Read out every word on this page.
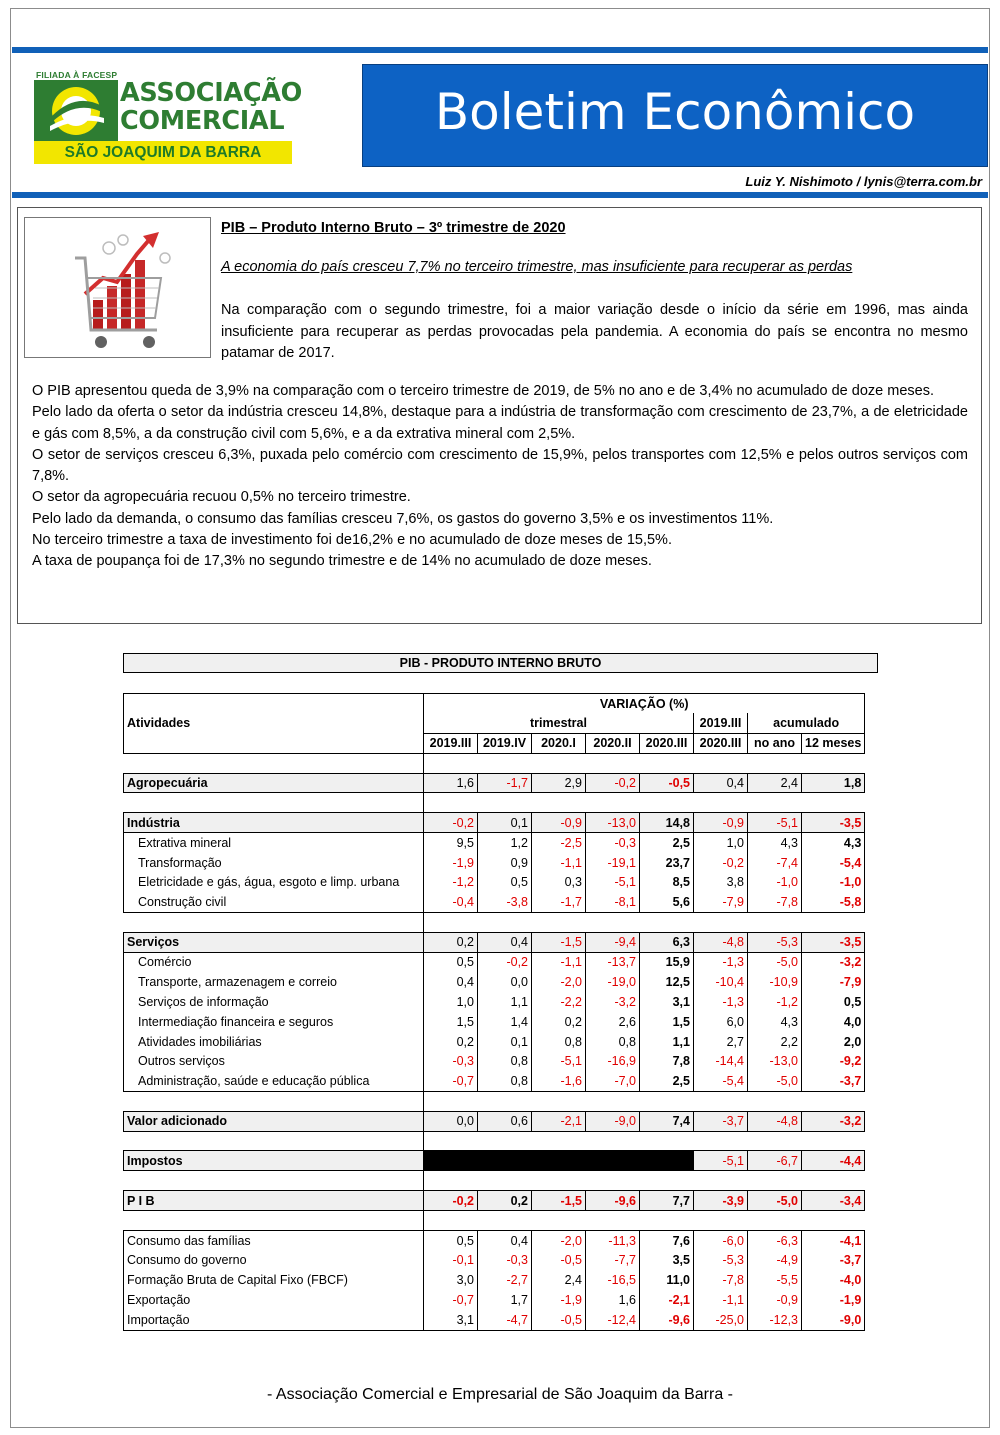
FILIADA À FACESP
ASSOCIAÇÃO
COMERCIAL
SÃO JOAQUIM DA BARRA
Boletim Econômico
Luiz Y. Nishimoto / lynis@terra.com.br
PIB – Produto Interno Bruto – 3º trimestre de 2020
A economia do país cresceu 7,7% no terceiro trimestre, mas insuficiente para recuperar as perdas
Na comparação com o segundo trimestre, foi a maior variação desde o início da série em 1996, mas ainda insuficiente para recuperar as perdas provocadas pela pandemia. A economia do país se encontra no mesmo patamar de 2017.

O PIB apresentou queda de 3,9% na comparação com o terceiro trimestre de 2019, de 5% no ano e de 3,4% no acumulado de doze meses.

Pelo lado da oferta o setor da indústria cresceu 14,8%, destaque para a indústria de transformação com crescimento de 23,7%, a de eletricidade e gás com 8,5%, a da construção civil com 5,6%, e a da extrativa mineral com 2,5%.

O setor de serviços cresceu 6,3%, puxada pelo comércio com crescimento de 15,9%, pelos transportes com 12,5% e pelos outros serviços com 7,8%.

O setor da agropecuária recuou 0,5% no terceiro trimestre.

Pelo lado da demanda, o consumo das famílias cresceu 7,6%, os gastos do governo 3,5% e os investimentos 11%.

No terceiro trimestre a taxa de investimento foi de16,2% e no acumulado de doze meses de 15,5%.

A taxa de poupança foi de 17,3% no segundo trimestre e de 14% no acumulado de doze meses.

PIB - PRODUTO INTERNO BRUTO
Atividades	VARIAÇÃO (%)							
	trimestral					2019.III	acumulado	
	2019.III	2019.IV	2020.I	2020.II	2020.III	2020.III	no ano	12 meses

Agropecuária	1,6	-1,7	2,9	-0,2	-0,5	0,4	2,4	1,8

Indústria	-0,2	0,1	-0,9	-13,0	14,8	-0,9	-5,1	-3,5
Extrativa mineral	9,5	1,2	-2,5	-0,3	2,5	1,0	4,3	4,3
Transformação	-1,9	0,9	-1,1	-19,1	23,7	-0,2	-7,4	-5,4
Eletricidade e gás, água, esgoto e limp. urbana	-1,2	0,5	0,3	-5,1	8,5	3,8	-1,0	-1,0
Construção civil	-0,4	-3,8	-1,7	-8,1	5,6	-7,9	-7,8	-5,8

Serviços	0,2	0,4	-1,5	-9,4	6,3	-4,8	-5,3	-3,5
Comércio	0,5	-0,2	-1,1	-13,7	15,9	-1,3	-5,0	-3,2
Transporte, armazenagem e correio	0,4	0,0	-2,0	-19,0	12,5	-10,4	-10,9	-7,9
Serviços de informação	1,0	1,1	-2,2	-3,2	3,1	-1,3	-1,2	0,5
Intermediação financeira e seguros	1,5	1,4	0,2	2,6	1,5	6,0	4,3	4,0
Atividades imobiliárias	0,2	0,1	0,8	0,8	1,1	2,7	2,2	2,0
Outros serviços	-0,3	0,8	-5,1	-16,9	7,8	-14,4	-13,0	-9,2
Administração, saúde e educação pública	-0,7	0,8	-1,6	-7,0	2,5	-5,4	-5,0	-3,7

Valor adicionado	0,0	0,6	-2,1	-9,0	7,4	-3,7	-4,8	-3,2

Impostos						-5,1	-6,7	-4,4

P I B	-0,2	0,2	-1,5	-9,6	7,7	-3,9	-5,0	-3,4

Consumo das famílias	0,5	0,4	-2,0	-11,3	7,6	-6,0	-6,3	-4,1
Consumo do governo	-0,1	-0,3	-0,5	-7,7	3,5	-5,3	-4,9	-3,7
Formação Bruta de Capital Fixo (FBCF)	3,0	-2,7	2,4	-16,5	11,0	-7,8	-5,5	-4,0
Exportação	-0,7	1,7	-1,9	1,6	-2,1	-1,1	-0,9	-1,9
Importação	3,1	-4,7	-0,5	-12,4	-9,6	-25,0	-12,3	-9,0
- Associação Comercial e Empresarial de São Joaquim da Barra -
